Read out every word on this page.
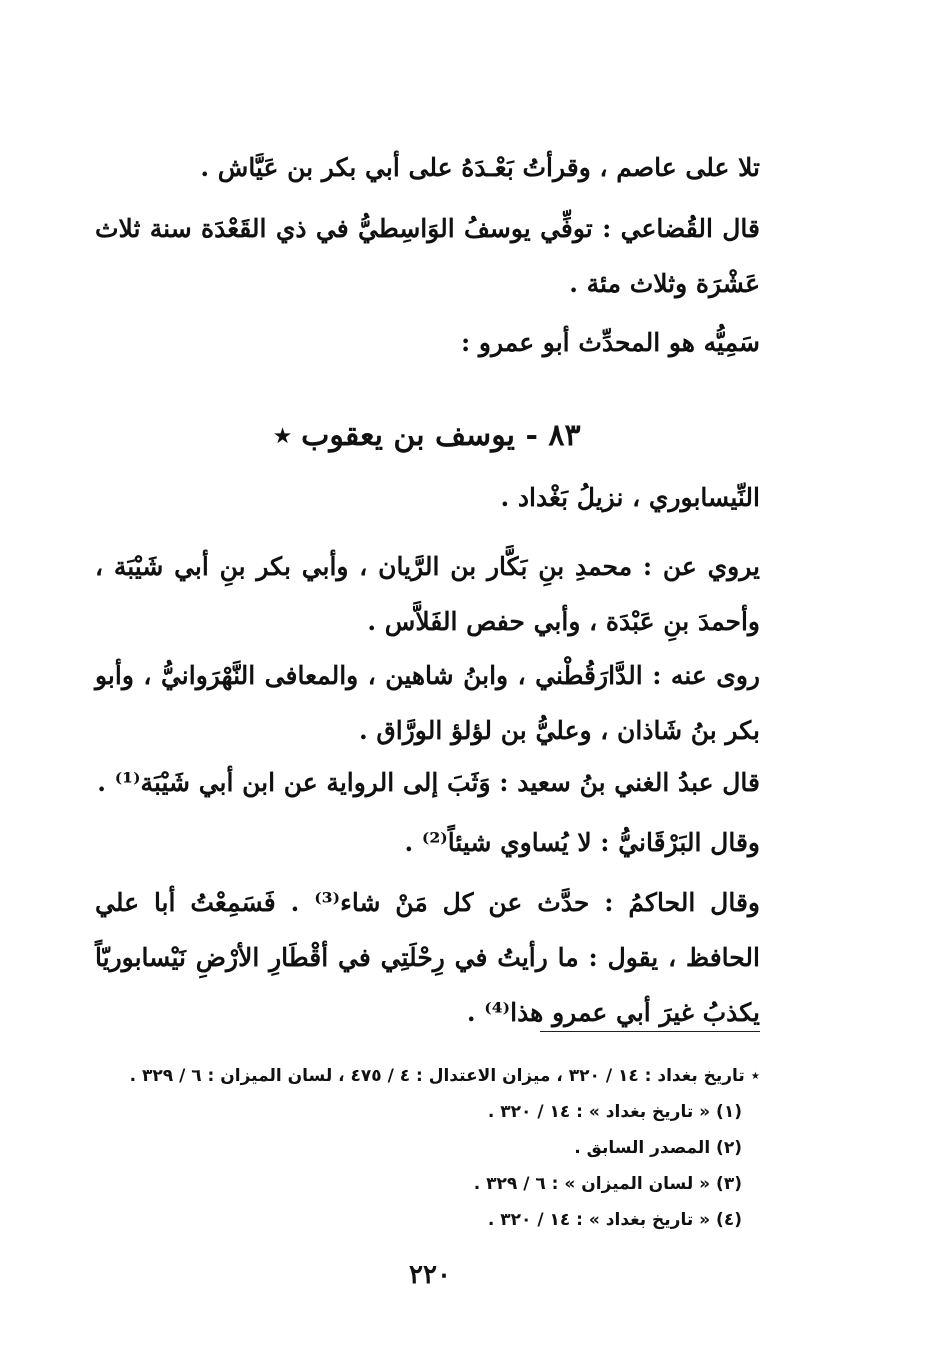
تلا على عاصم ، وقرأتُ بَعْـدَهُ على أبي بكر بن عَيَّاش .

قال القُضاعي : توفِّي يوسفُ الوَاسِطيُّ في ذي القَعْدَة سنة ثلاث عَشْرَة وثلاث مئة .

سَمِيُّه هو المحدِّث أبو عمرو :

٨٣ - يوسف بن يعقوب ٭

النِّيسابوري ، نزيلُ بَغْداد .

يروي عن : محمدِ بنِ بَكَّار بن الرَّيان ، وأبي بكر بنِ أبي شَيْبَة ، وأحمدَ بنِ عَبْدَة ، وأبي حفص الفَلاَّس .

روى عنه : الدَّارَقُطْني ، وابنُ شاهين ، والمعافى النَّهْرَوانيُّ ، وأبو بكر بنُ شَاذان ، وعليُّ بن لؤلؤ الورَّاق .

قال عبدُ الغني بنُ سعيد : وَثَبَ إلى الرواية عن ابن أبي شَيْبَة⁽¹⁾ .

وقال البَرْقَانيُّ : لا يُساوي شيئاً⁽²⁾ .

وقال الحاكمُ : حدَّث عن كل مَنْ شاء⁽³⁾ . فَسَمِعْتُ أبا علي الحافظ ، يقول : ما رأيتُ في رِحْلَتِي في أقْطَارِ الأرْضِ نَيْسابوريّاً يكذبُ غيرَ أبي عمرو هذا⁽⁴⁾ .

٭ تاريخ بغداد : ١٤ / ٣٢٠ ، ميزان الاعتدال : ٤ / ٤٧٥ ، لسان الميزان : ٦ / ٣٢٩ .
(١) « تاريخ بغداد » : ١٤ / ٣٢٠ .
(٢) المصدر السابق .
(٣) « لسان الميزان » : ٦ / ٣٢٩ .
(٤) « تاريخ بغداد » : ١٤ / ٣٢٠ .
٢٢٠
